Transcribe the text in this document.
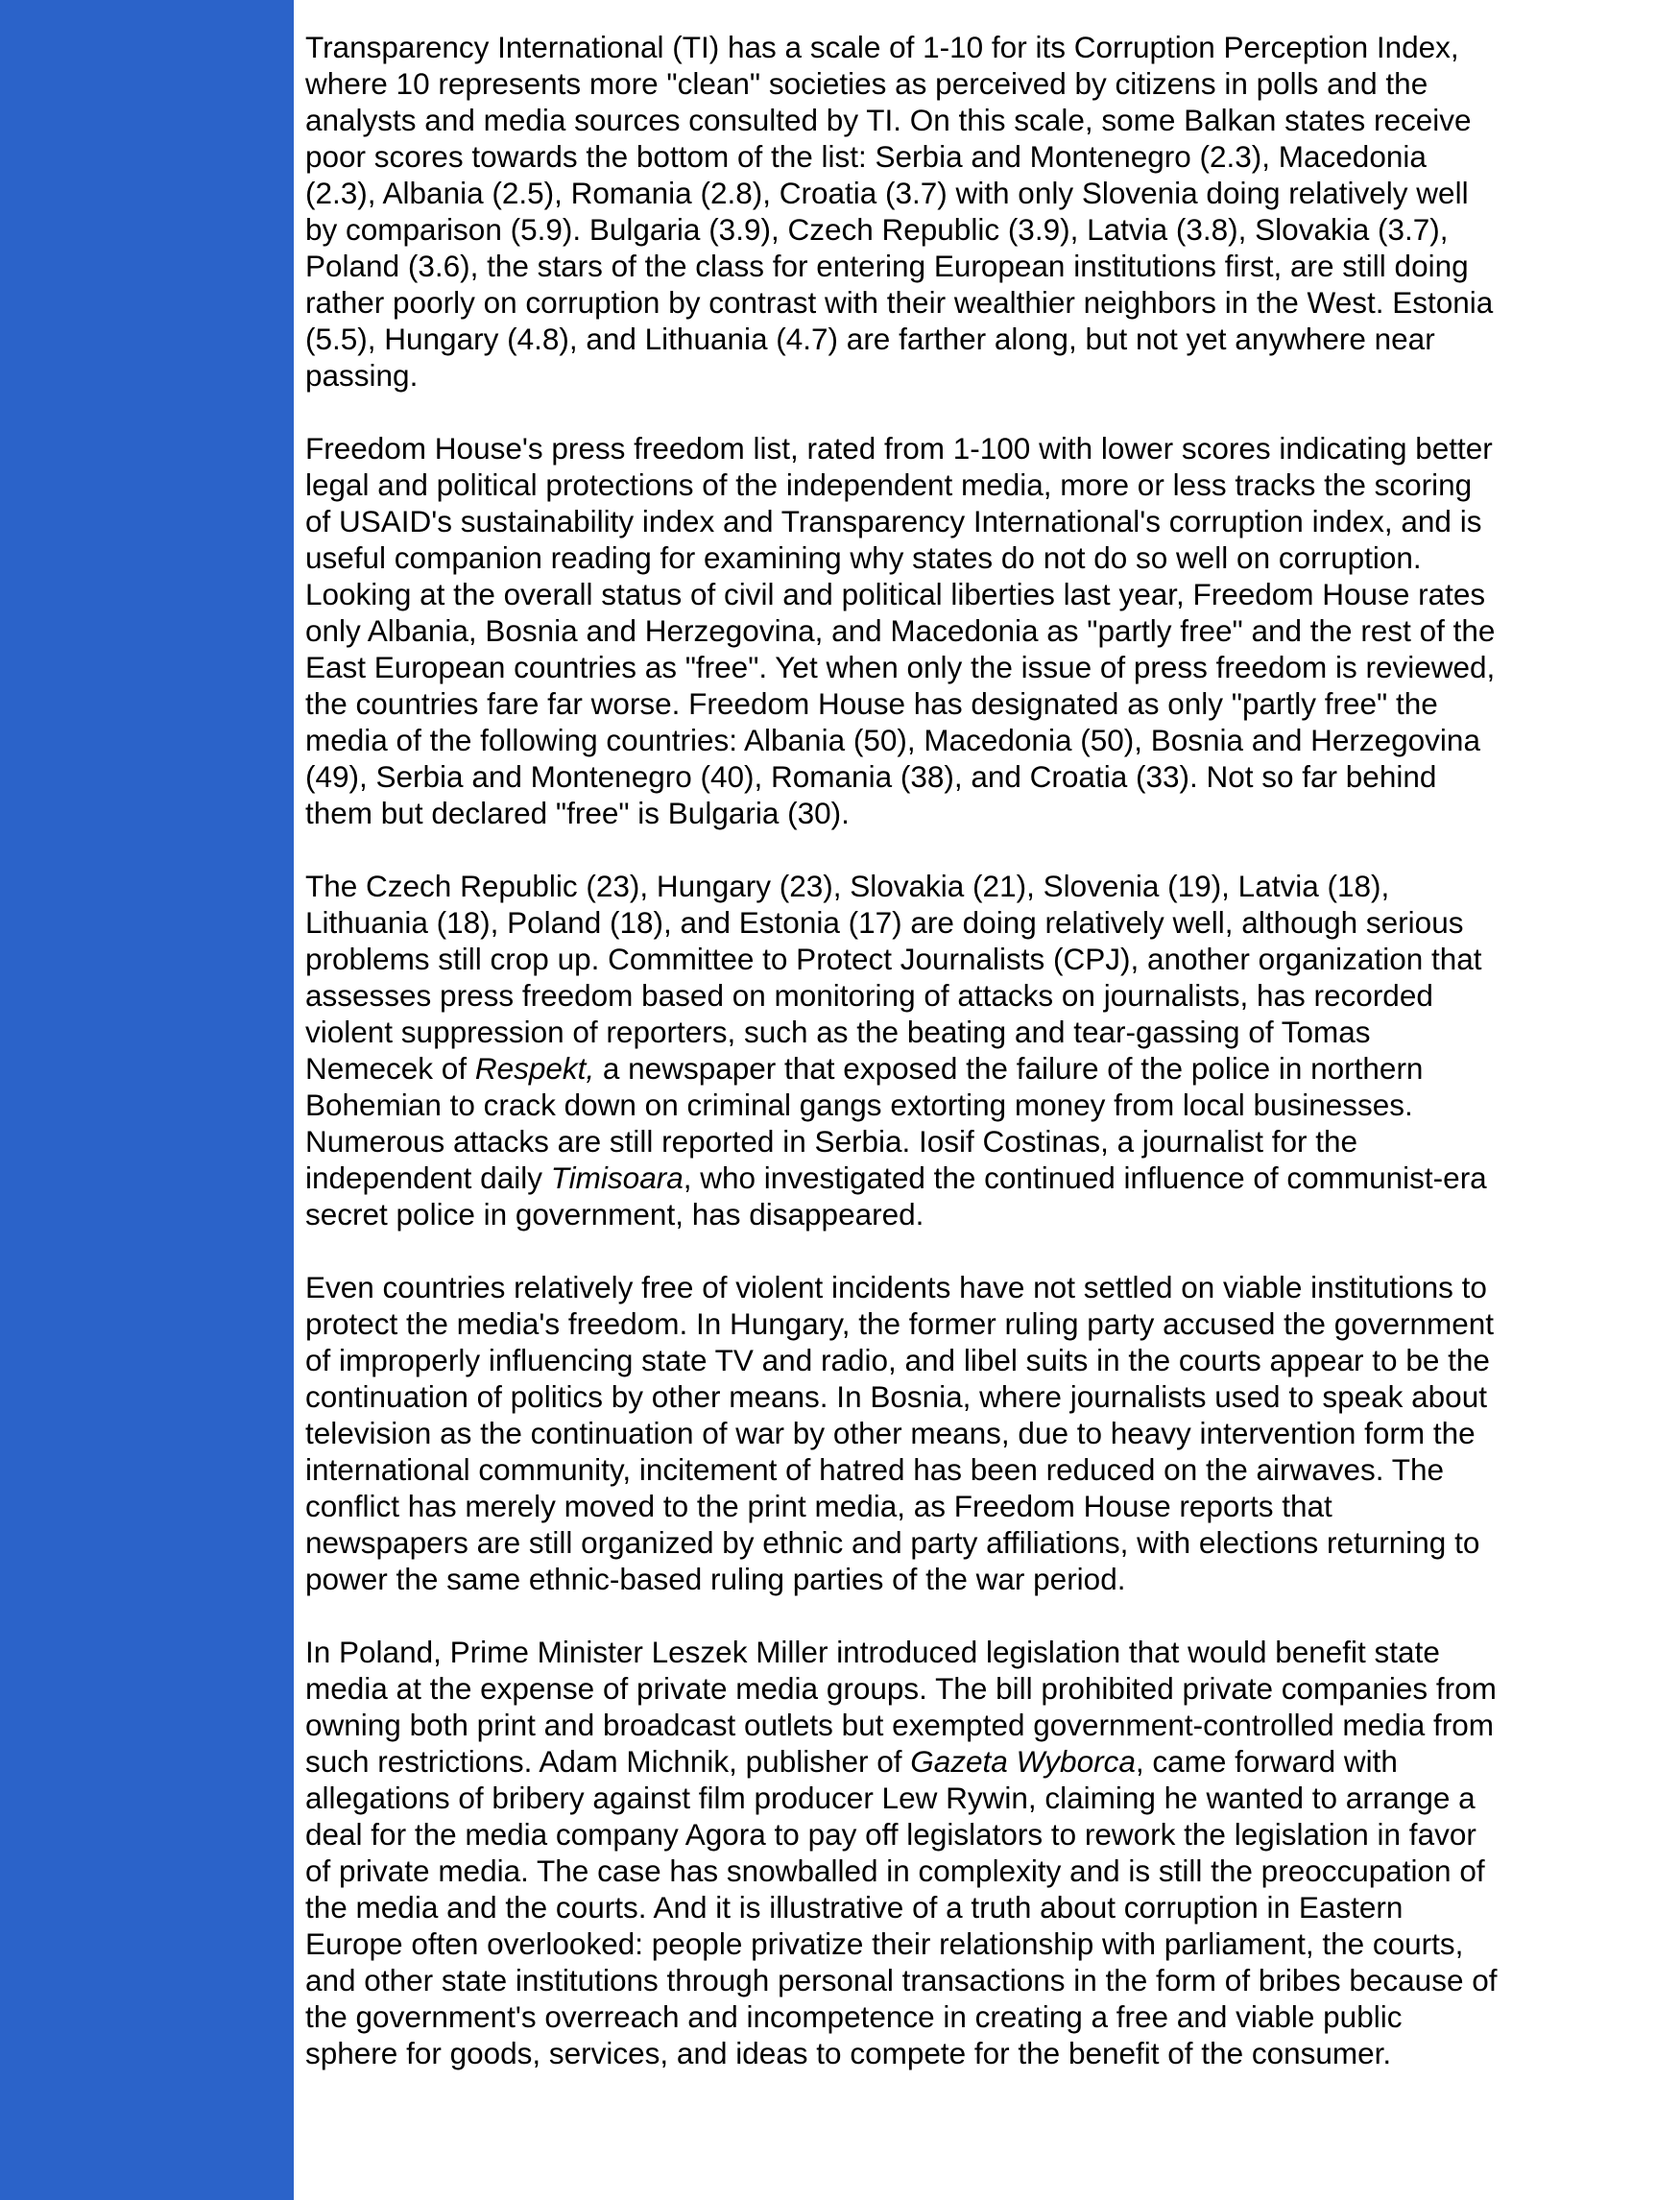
Transparency International (TI) has a scale of 1-10 for its Corruption Perception Index, where 10 represents more "clean" societies as perceived by citizens in polls and the analysts and media sources consulted by TI. On this scale, some Balkan states receive poor scores towards the bottom of the list: Serbia and Montenegro (2.3), Macedonia (2.3), Albania (2.5), Romania (2.8), Croatia (3.7) with only Slovenia doing relatively well by comparison (5.9). Bulgaria (3.9), Czech Republic (3.9), Latvia (3.8), Slovakia (3.7), Poland (3.6), the stars of the class for entering European institutions first, are still doing rather poorly on corruption by contrast with their wealthier neighbors in the West. Estonia (5.5), Hungary (4.8), and Lithuania (4.7) are farther along, but not yet anywhere near passing.

Freedom House's press freedom list, rated from 1-100 with lower scores indicating better legal and political protections of the independent media, more or less tracks the scoring of USAID's sustainability index and Transparency International's corruption index, and is useful companion reading for examining why states do not do so well on corruption. Looking at the overall status of civil and political liberties last year, Freedom House rates only Albania, Bosnia and Herzegovina, and Macedonia as "partly free" and the rest of the East European countries as "free". Yet when only the issue of press freedom is reviewed, the countries fare far worse. Freedom House has designated as only "partly free" the media of the following countries: Albania (50), Macedonia (50), Bosnia and Herzegovina (49), Serbia and Montenegro (40), Romania (38), and Croatia (33). Not so far behind them but declared "free" is Bulgaria (30).

The Czech Republic (23), Hungary (23), Slovakia (21), Slovenia (19), Latvia (18), Lithuania (18), Poland (18), and Estonia (17) are doing relatively well, although serious problems still crop up. Committee to Protect Journalists (CPJ), another organization that assesses press freedom based on monitoring of attacks on journalists, has recorded violent suppression of reporters, such as the beating and tear-gassing of Tomas Nemecek of Respekt, a newspaper that exposed the failure of the police in northern Bohemian to crack down on criminal gangs extorting money from local businesses. Numerous attacks are still reported in Serbia. Iosif Costinas, a journalist for the independent daily Timisoara, who investigated the continued influence of communist-era secret police in government, has disappeared.

Even countries relatively free of violent incidents have not settled on viable institutions to protect the media's freedom. In Hungary, the former ruling party accused the government of improperly influencing state TV and radio, and libel suits in the courts appear to be the continuation of politics by other means. In Bosnia, where journalists used to speak about television as the continuation of war by other means, due to heavy intervention form the international community, incitement of hatred has been reduced on the airwaves. The conflict has merely moved to the print media, as Freedom House reports that newspapers are still organized by ethnic and party affiliations, with elections returning to power the same ethnic-based ruling parties of the war period.

In Poland, Prime Minister Leszek Miller introduced legislation that would benefit state media at the expense of private media groups. The bill prohibited private companies from owning both print and broadcast outlets but exempted government-controlled media from such restrictions. Adam Michnik, publisher of Gazeta Wyborca, came forward with allegations of bribery against film producer Lew Rywin, claiming he wanted to arrange a deal for the media company Agora to pay off legislators to rework the legislation in favor of private media. The case has snowballed in complexity and is still the preoccupation of the media and the courts. And it is illustrative of a truth about corruption in Eastern Europe often overlooked: people privatize their relationship with parliament, the courts, and other state institutions through personal transactions in the form of bribes because of the government's overreach and incompetence in creating a free and viable public sphere for goods, services, and ideas to compete for the benefit of the consumer.
